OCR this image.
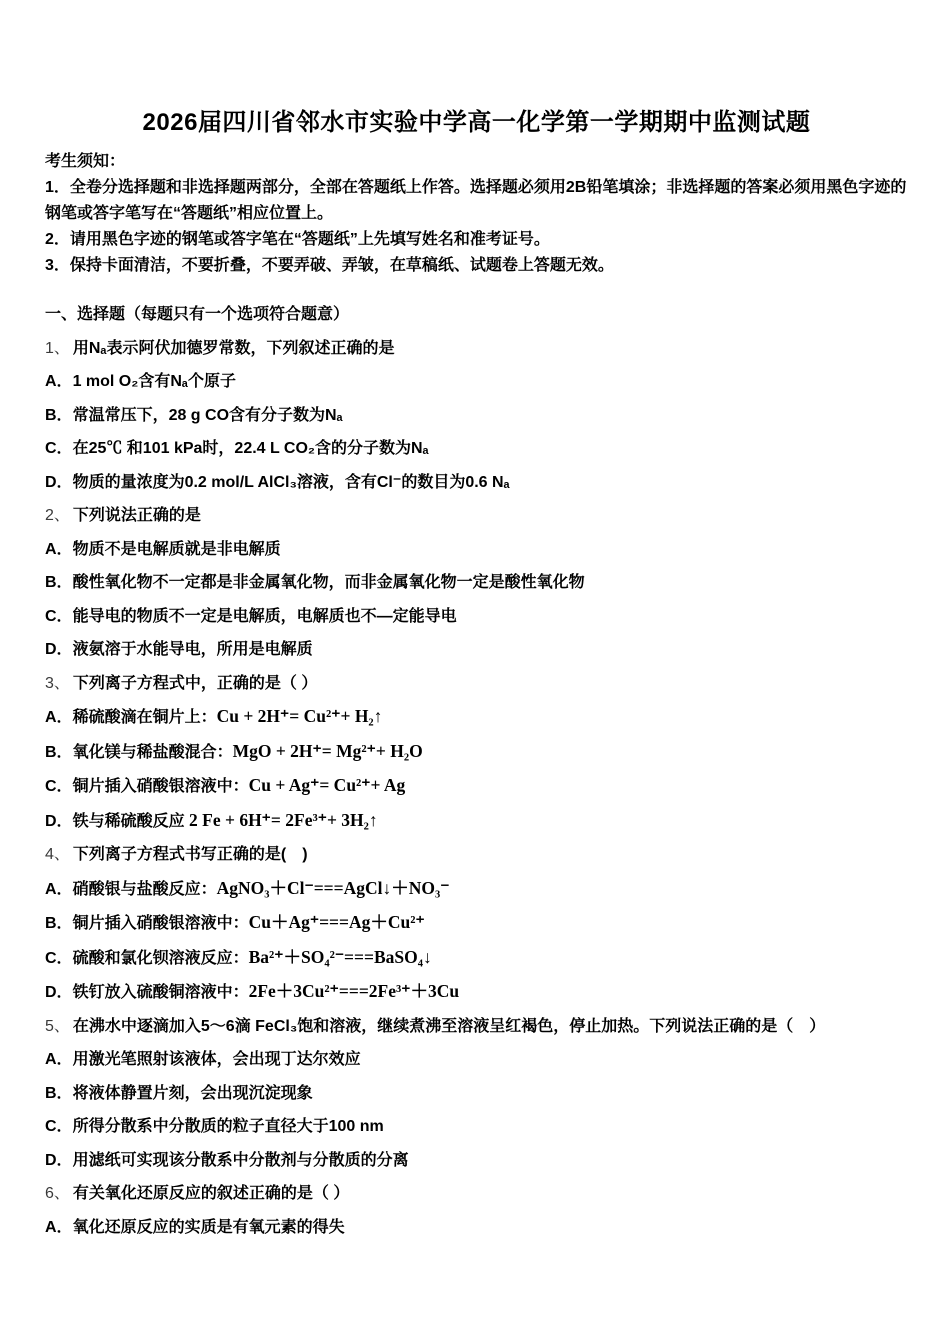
2026届四川省邻水市实验中学高一化学第一学期期中监测试题
考生须知：
1．全卷分选择题和非选择题两部分，全部在答题纸上作答。选择题必须用2B铅笔填涂；非选择题的答案必须用黑色字迹的钢笔或答字笔写在“答题纸”相应位置上。
2．请用黑色字迹的钢笔或答字笔在“答题纸”上先填写姓名和准考证号。
3．保持卡面清洁，不要折叠，不要弄破、弄皱，在草稿纸、试题卷上答题无效。
一、选择题（每题只有一个选项符合题意）
1、 用Nₐ表示阿伏加德罗常数，下列叙述正确的是
A．1 mol O₂含有Nₐ个原子
B．常温常压下，28 g CO含有分子数为Nₐ
C．在25℃ 和101 kPa时，22.4 L CO₂含的分子数为Nₐ
D．物质的量浓度为0.2 mol/L AlCl₃溶液，含有Cl⁻的数目为0.6 Nₐ
2、 下列说法正确的是
A．物质不是电解质就是非电解质
B．酸性氧化物不一定都是非金属氧化物，而非金属氧化物一定是酸性氧化物
C．能导电的物质不一定是电解质，电解质也不—定能导电
D．液氨溶于水能导电，所用是电解质
3、 下列离子方程式中，正确的是（ ）
A．稀硫酸滴在铜片上：Cu + 2H⁺= Cu²⁺+ H₂↑
B．氧化镁与稀盐酸混合：MgO + 2H⁺= Mg²⁺+ H₂O
C．铜片插入硝酸银溶液中：Cu + Ag⁺= Cu²⁺+ Ag
D．铁与稀硫酸反应 2 Fe + 6H⁺= 2Fe³⁺+ 3H₂↑
4、 下列离子方程式书写正确的是(　)
A．硝酸银与盐酸反应：AgNO₃＋Cl⁻===AgCl↓＋NO₃⁻
B．铜片插入硝酸银溶液中：Cu＋Ag⁺===Ag＋Cu²⁺
C．硫酸和氯化钡溶液反应：Ba²⁺＋SO₄²⁻===BaSO₄↓
D．铁钉放入硫酸铜溶液中：2Fe＋3Cu²⁺===2Fe³⁺＋3Cu
5、 在沸水中逐滴加入5～6滴 FeCl₃饱和溶液，继续煮沸至溶液呈红褐色，停止加热。下列说法正确的是（　）
A．用激光笔照射该液体，会出现丁达尔效应
B．将液体静置片刻，会出现沉淀现象
C．所得分散系中分散质的粒子直径大于100 nm
D．用滤纸可实现该分散系中分散剂与分散质的分离
6、 有关氧化还原反应的叙述正确的是（ ）
A．氧化还原反应的实质是有氧元素的得失
